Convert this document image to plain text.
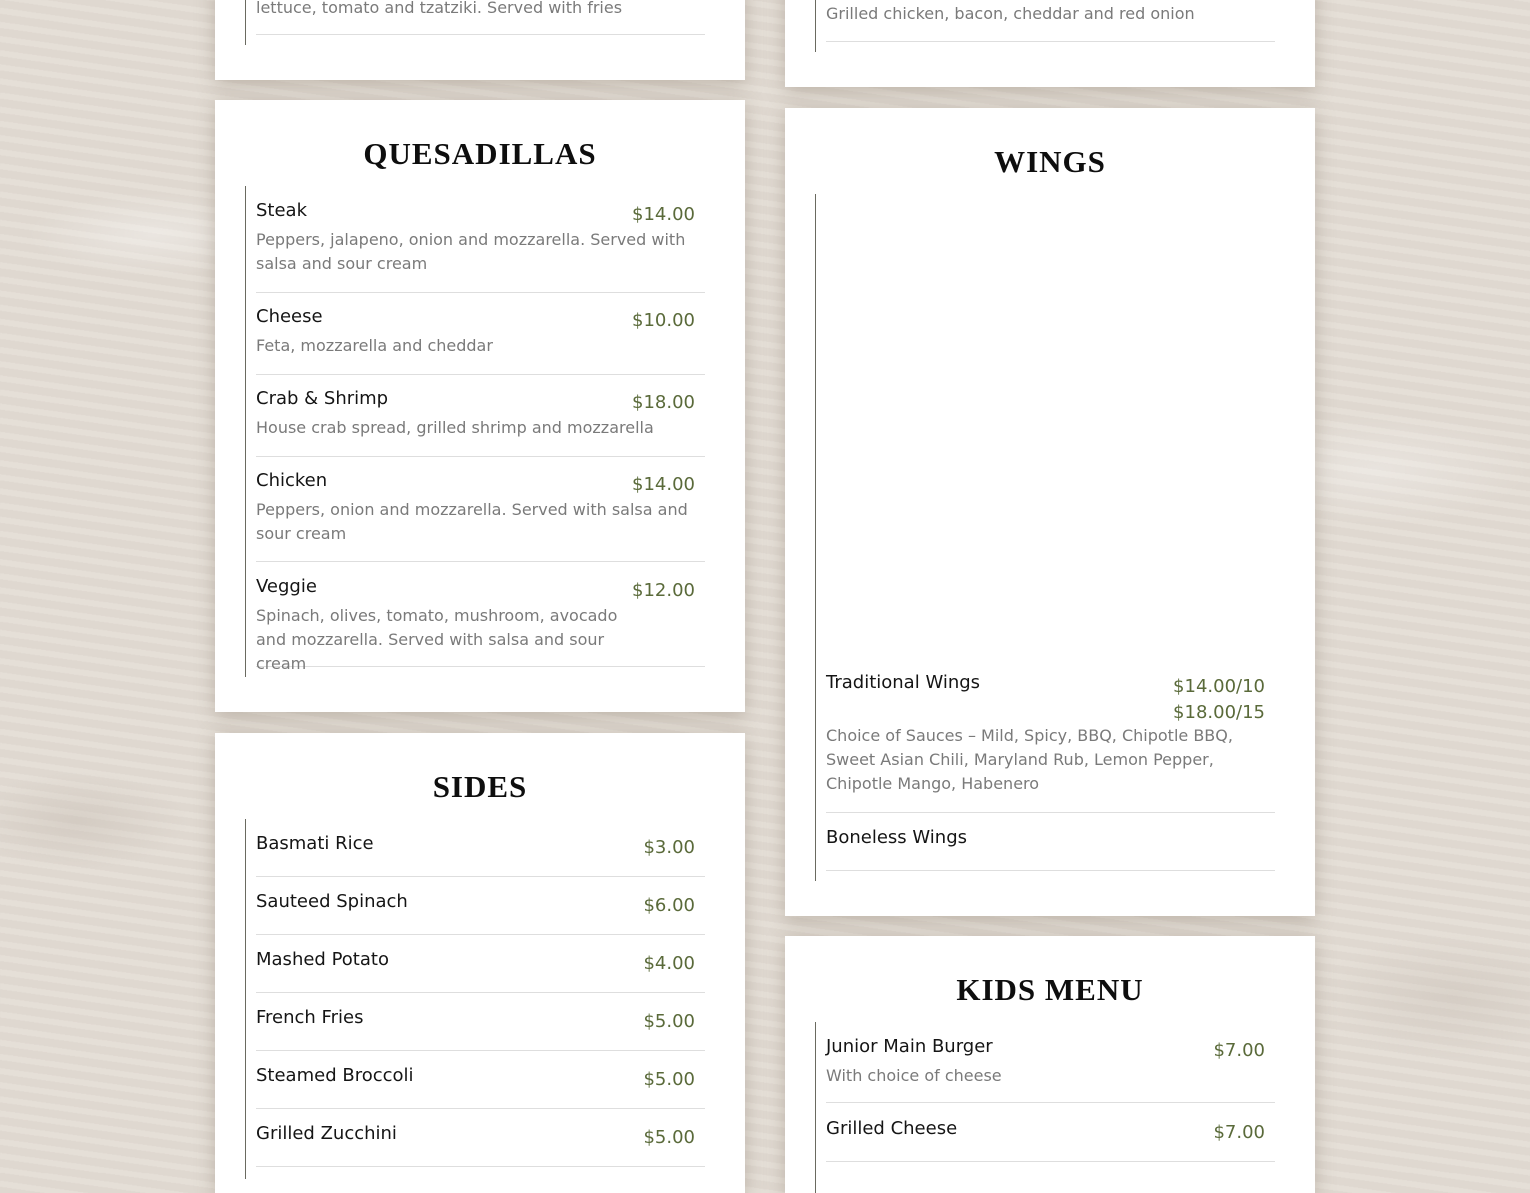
lettuce, tomato and tzatziki. Served with fries	Grilled chicken, bacon, cheddar and red onion
QUESADILLAS
Steak	$14.00
Peppers, jalapeno, onion and mozzarella. Served with salsa and sour cream
Cheese	$10.00
Feta, mozzarella and cheddar
Crab & Shrimp	$18.00
House crab spread, grilled shrimp and mozzarella
Chicken	$14.00
Peppers, onion and mozzarella. Served with salsa and sour cream
Veggie	$12.00
Spinach, olives, tomato, mushroom, avocado and mozzarella. Served with salsa and sour cream
SIDES
Basmati Rice	$3.00
Sauteed Spinach	$6.00
Mashed Potato	$4.00
French Fries	$5.00
Steamed Broccoli	$5.00
Grilled Zucchini	$5.00
WINGS
Traditional Wings	$14.00/10
$18.00/15
Choice of Sauces – Mild, Spicy, BBQ, Chipotle BBQ, Sweet Asian Chili, Maryland Rub, Lemon Pepper, Chipotle Mango, Habenero
Boneless Wings
KIDS MENU
Junior Main Burger	$7.00
With choice of cheese
Grilled Cheese	$7.00
